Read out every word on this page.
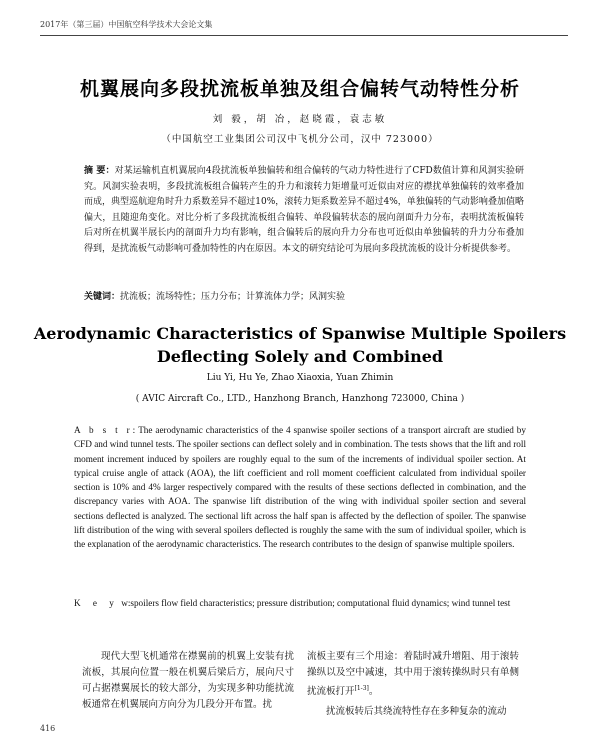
2017年（第三届）中国航空科学技术大会论文集
机翼展向多段扰流板单独及组合偏转气动特性分析
刘 毅，胡 冶，赵晓霞，袁志敏
（中国航空工业集团公司汉中飞机分公司，汉中 723000）
摘 要：对某运输机直机翼展向4段扰流板单独偏转和组合偏转的气动力特性进行了CFD数值计算和风洞实验研究。风洞实验表明，多段扰流板组合偏转产生的升力和滚转力矩增量可近似由对应的襟扰单独偏转的效率叠加而成，典型巡航迎角时升力系数差异不超过10%，滚转力矩系数差异不超过4%，单独偏转的气动影响叠加值略偏大，且随迎角变化。对比分析了多段扰流板组合偏转、单段偏转状态的展向剖面升力分布，表明扰流板偏转后对所在机翼半展长内的剖面升力均有影响，组合偏转后的展向升力分布也可近似由单独偏转的升力分布叠加得到，是扰流板气动影响可叠加特性的内在原因。本文的研究结论可为展向多段扰流板的设计分析提供参考。
关键词：扰流板；流场特性；压力分布；计算流体力学；风洞实验
Aerodynamic Characteristics of Spanwise Multiple Spoilers
Deflecting Solely and Combined
Liu Yi, Hu Ye, Zhao Xiaoxia, Yuan Zhimin
( AVIC Aircraft Co., LTD., Hanzhong Branch, Hanzhong 723000, China )
A b s t r:The aerodynamic characteristics of the 4 spanwise spoiler sections of a transport aircraft are studied by CFD and wind tunnel tests. The spoiler sections can deflect solely and in combination. The tests shows that the lift and roll moment increment induced by spoilers are roughly equal to the sum of the increments of individual spoiler section. At typical cruise angle of attack (AOA), the lift coefficient and roll moment coefficient calculated from individual spoiler section is 10% and 4% larger respectively compared with the results of these sections deflected in combination, and the discrepancy varies with AOA. The spanwise lift distribution of the wing with individual spoiler section and several sections deflected is analyzed. The sectional lift across the half span is affected by the deflection of spoiler. The spanwise lift distribution of the wing with several spoilers deflected is roughly the same with the sum of individual spoiler, which is the explanation of the aerodynamic characteristics. The research contributes to the design of spanwise multiple spoilers.
K e y w:spoilers flow field characteristics; pressure distribution; computational fluid dynamics; wind tunnel test
现代大型飞机通常在襟翼前的机翼上安装有扰流板，其展向位置一般在机翼后梁后方，展向尺寸可占据襟翼展长的较大部分，为实现多种功能扰流板通常在机翼展向方向分为几段分开布置。扰

流板主要有三个用途：着陆时减升增阻、用于滚转操纵以及空中减速，其中用于滚转操纵时只有单侧扰流板打开[1-3]。

扰流板转后其绕流特性存在多种复杂的流动

416
